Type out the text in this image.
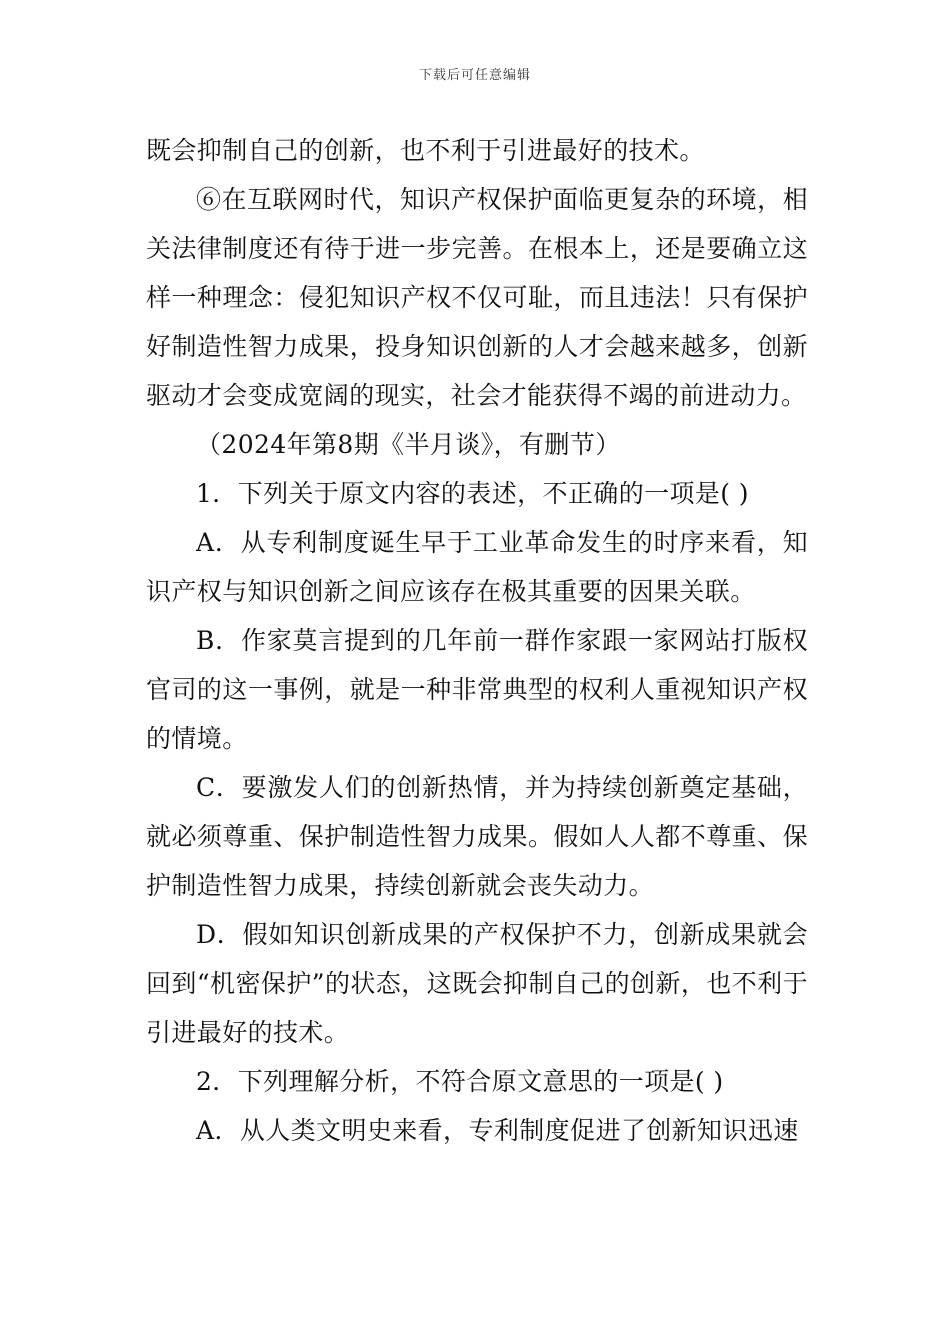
下载后可任意编辑

既会抑制自己的创新，也不利于引进最好的技术。

⑥在互联网时代，知识产权保护面临更复杂的环境，相关法律制度还有待于进一步完善。在根本上，还是要确立这样一种理念：侵犯知识产权不仅可耻，而且违法！只有保护好制造性智力成果，投身知识创新的人才会越来越多，创新驱动才会变成宽阔的现实，社会才能获得不竭的前进动力。

（2024年第8期《半月谈》，有删节）

1．下列关于原文内容的表述，不正确的一项是( )

A．从专利制度诞生早于工业革命发生的时序来看，知识产权与知识创新之间应该存在极其重要的因果关联。

B．作家莫言提到的几年前一群作家跟一家网站打版权官司的这一事例，就是一种非常典型的权利人重视知识产权的情境。

C．要激发人们的创新热情，并为持续创新奠定基础，就必须尊重、保护制造性智力成果。假如人人都不尊重、保护制造性智力成果，持续创新就会丧失动力。

D．假如知识创新成果的产权保护不力，创新成果就会回到“机密保护”的状态，这既会抑制自己的创新，也不利于引进最好的技术。

2．下列理解分析，不符合原文意思的一项是( )

A．从人类文明史来看，专利制度促进了创新知识迅速
